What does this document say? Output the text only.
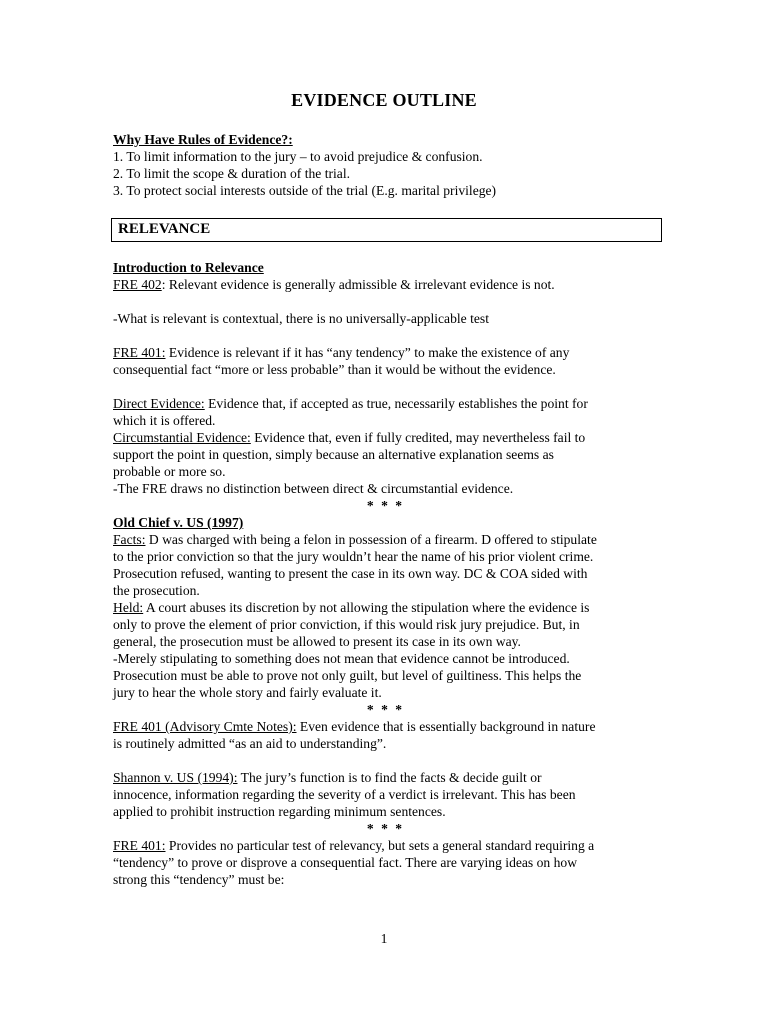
EVIDENCE OUTLINE
Why Have Rules of Evidence?:
1. To limit information to the jury – to avoid prejudice & confusion.
2. To limit the scope & duration of the trial.
3. To protect social interests outside of the trial (E.g. marital privilege)
RELEVANCE
Introduction to Relevance
FRE 402: Relevant evidence is generally admissible & irrelevant evidence is not.
-What is relevant is contextual, there is no universally-applicable test
FRE 401: Evidence is relevant if it has “any tendency” to make the existence of any
consequential fact “more or less probable” than it would be without the evidence.
Direct Evidence: Evidence that, if accepted as true, necessarily establishes the point for
which it is offered.
Circumstantial Evidence: Evidence that, even if fully credited, may nevertheless fail to
support the point in question, simply because an alternative explanation seems as
probable or more so.
-The FRE draws no distinction between direct & circumstantial evidence.
* * *
Old Chief v. US (1997)
Facts: D was charged with being a felon in possession of a firearm. D offered to stipulate
to the prior conviction so that the jury wouldn’t hear the name of his prior violent crime.
Prosecution refused, wanting to present the case in its own way. DC & COA sided with
the prosecution.
Held: A court abuses its discretion by not allowing the stipulation where the evidence is
only to prove the element of prior conviction, if this would risk jury prejudice. But, in
general, the prosecution must be allowed to present its case in its own way.
-Merely stipulating to something does not mean that evidence cannot be introduced.
Prosecution must be able to prove not only guilt, but level of guiltiness. This helps the
jury to hear the whole story and fairly evaluate it.
* * *
FRE 401 (Advisory Cmte Notes): Even evidence that is essentially background in nature
is routinely admitted “as an aid to understanding”.
Shannon v. US (1994): The jury’s function is to find the facts & decide guilt or
innocence, information regarding the severity of a verdict is irrelevant. This has been
applied to prohibit instruction regarding minimum sentences.
* * *
FRE 401: Provides no particular test of relevancy, but sets a general standard requiring a
“tendency” to prove or disprove a consequential fact. There are varying ideas on how
strong this “tendency” must be:
1
